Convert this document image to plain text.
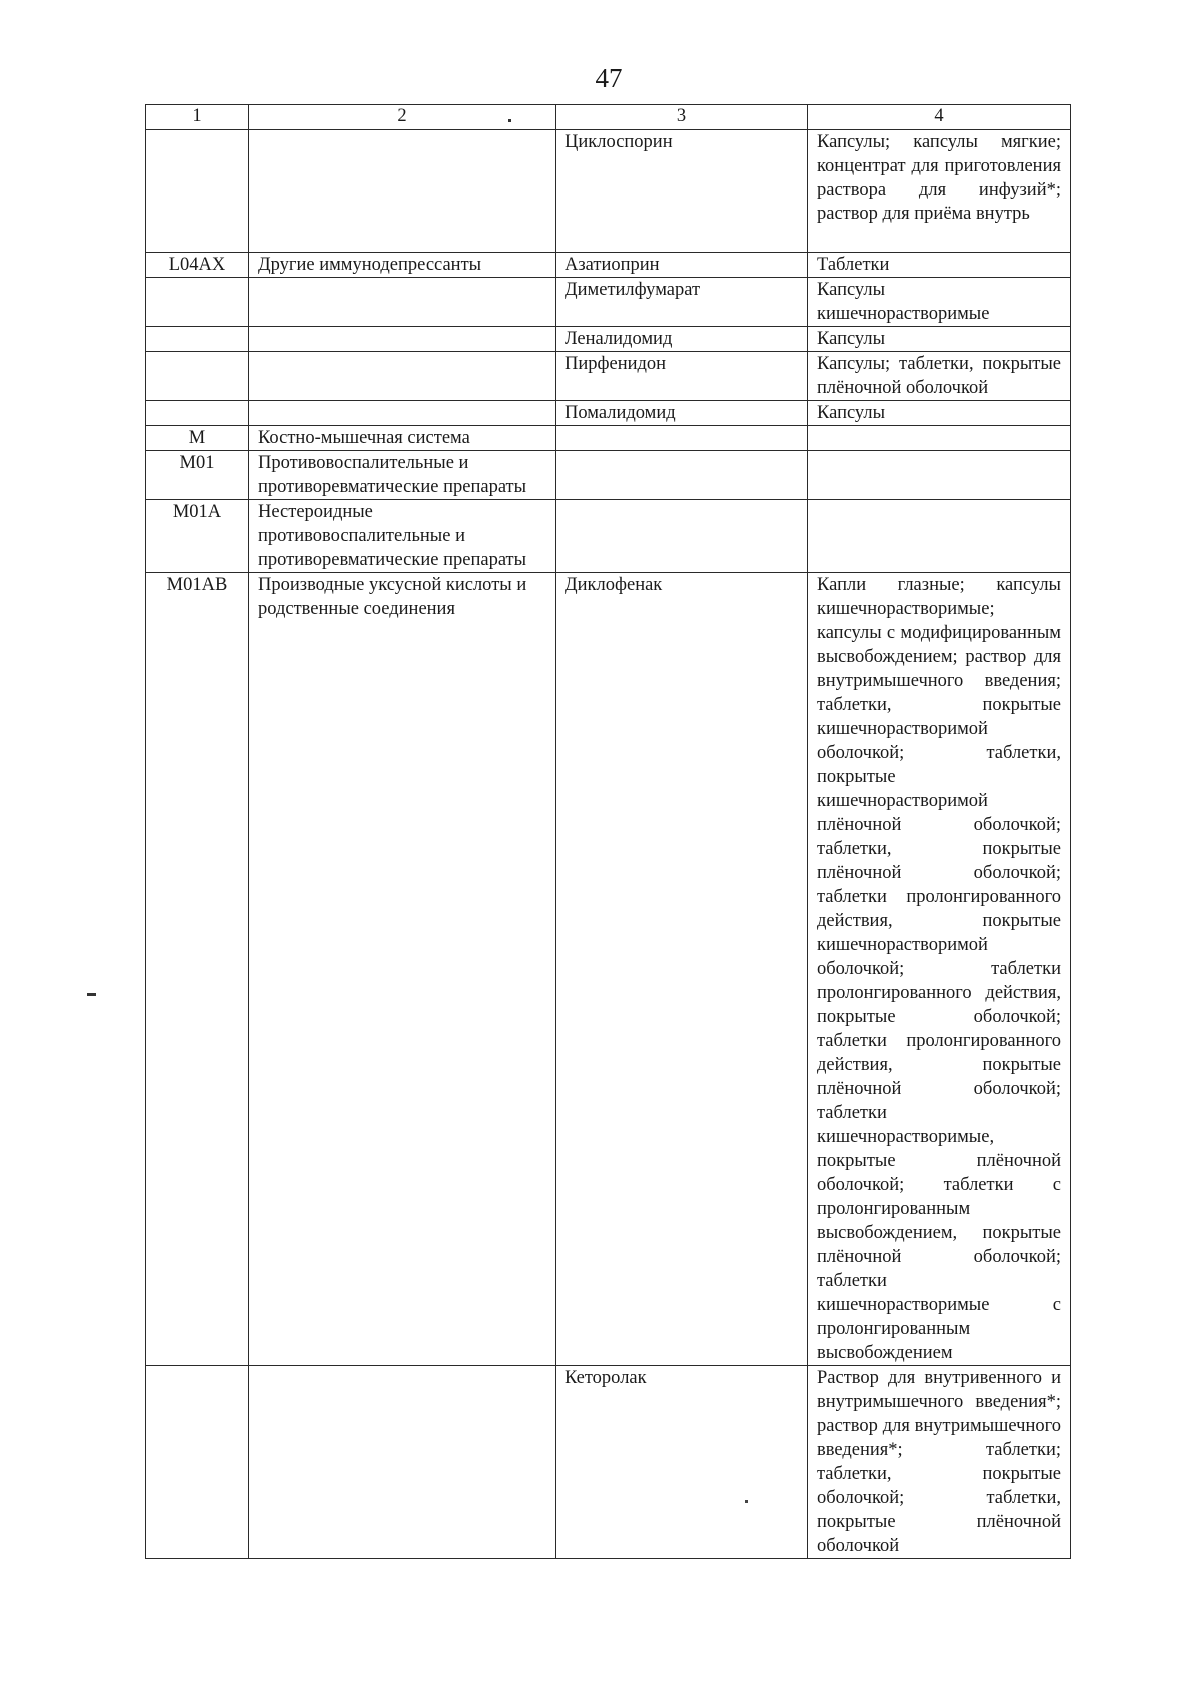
47
1	2	3	4
		Циклоспорин	Капсулы; капсулы мягкие; концентрат для приготовления раствора для инфузий*; раствор для приёма внутрь
L04AX	Другие иммунодепрессанты	Азатиоприн	Таблетки
		Диметилфумарат	Капсулы кишечнорастворимые
		Леналидомид	Капсулы
		Пирфенидон	Капсулы; таблетки, покрытые плёночной оболочкой
		Помалидомид	Капсулы
M	Костно-мышечная система		
M01	Противовоспалительные и противоревматические препараты		
M01A	Нестероидные противовоспалительные и противоревматические препараты		
M01AB	Производные уксусной кислоты и родственные соединения	Диклофенак	Капли глазные; капсулы кишечнорастворимые; капсулы с модифицированным высвобождением; раствор для внутримышечного введения; таблетки, покрытые кишечнорастворимой оболочкой; таблетки, покрытые кишечнорастворимой плёночной оболочкой; таблетки, покрытые плёночной оболочкой; таблетки пролонгированного действия, покрытые кишечнорастворимой оболочкой; таблетки пролонгированного действия, покрытые оболочкой; таблетки пролонгированного действия, покрытые плёночной оболочкой; таблетки кишечнорастворимые, покрытые плёночной оболочкой; таблетки с пролонгированным высвобождением, покрытые плёночной оболочкой; таблетки кишечнорастворимые с пролонгированным высвобождением
		Кеторолак	Раствор для внутривенного и внутримышечного введения*; раствор для внутримышечного введения*; таблетки; таблетки, покрытые оболочкой; таблетки, покрытые плёночной оболочкой
